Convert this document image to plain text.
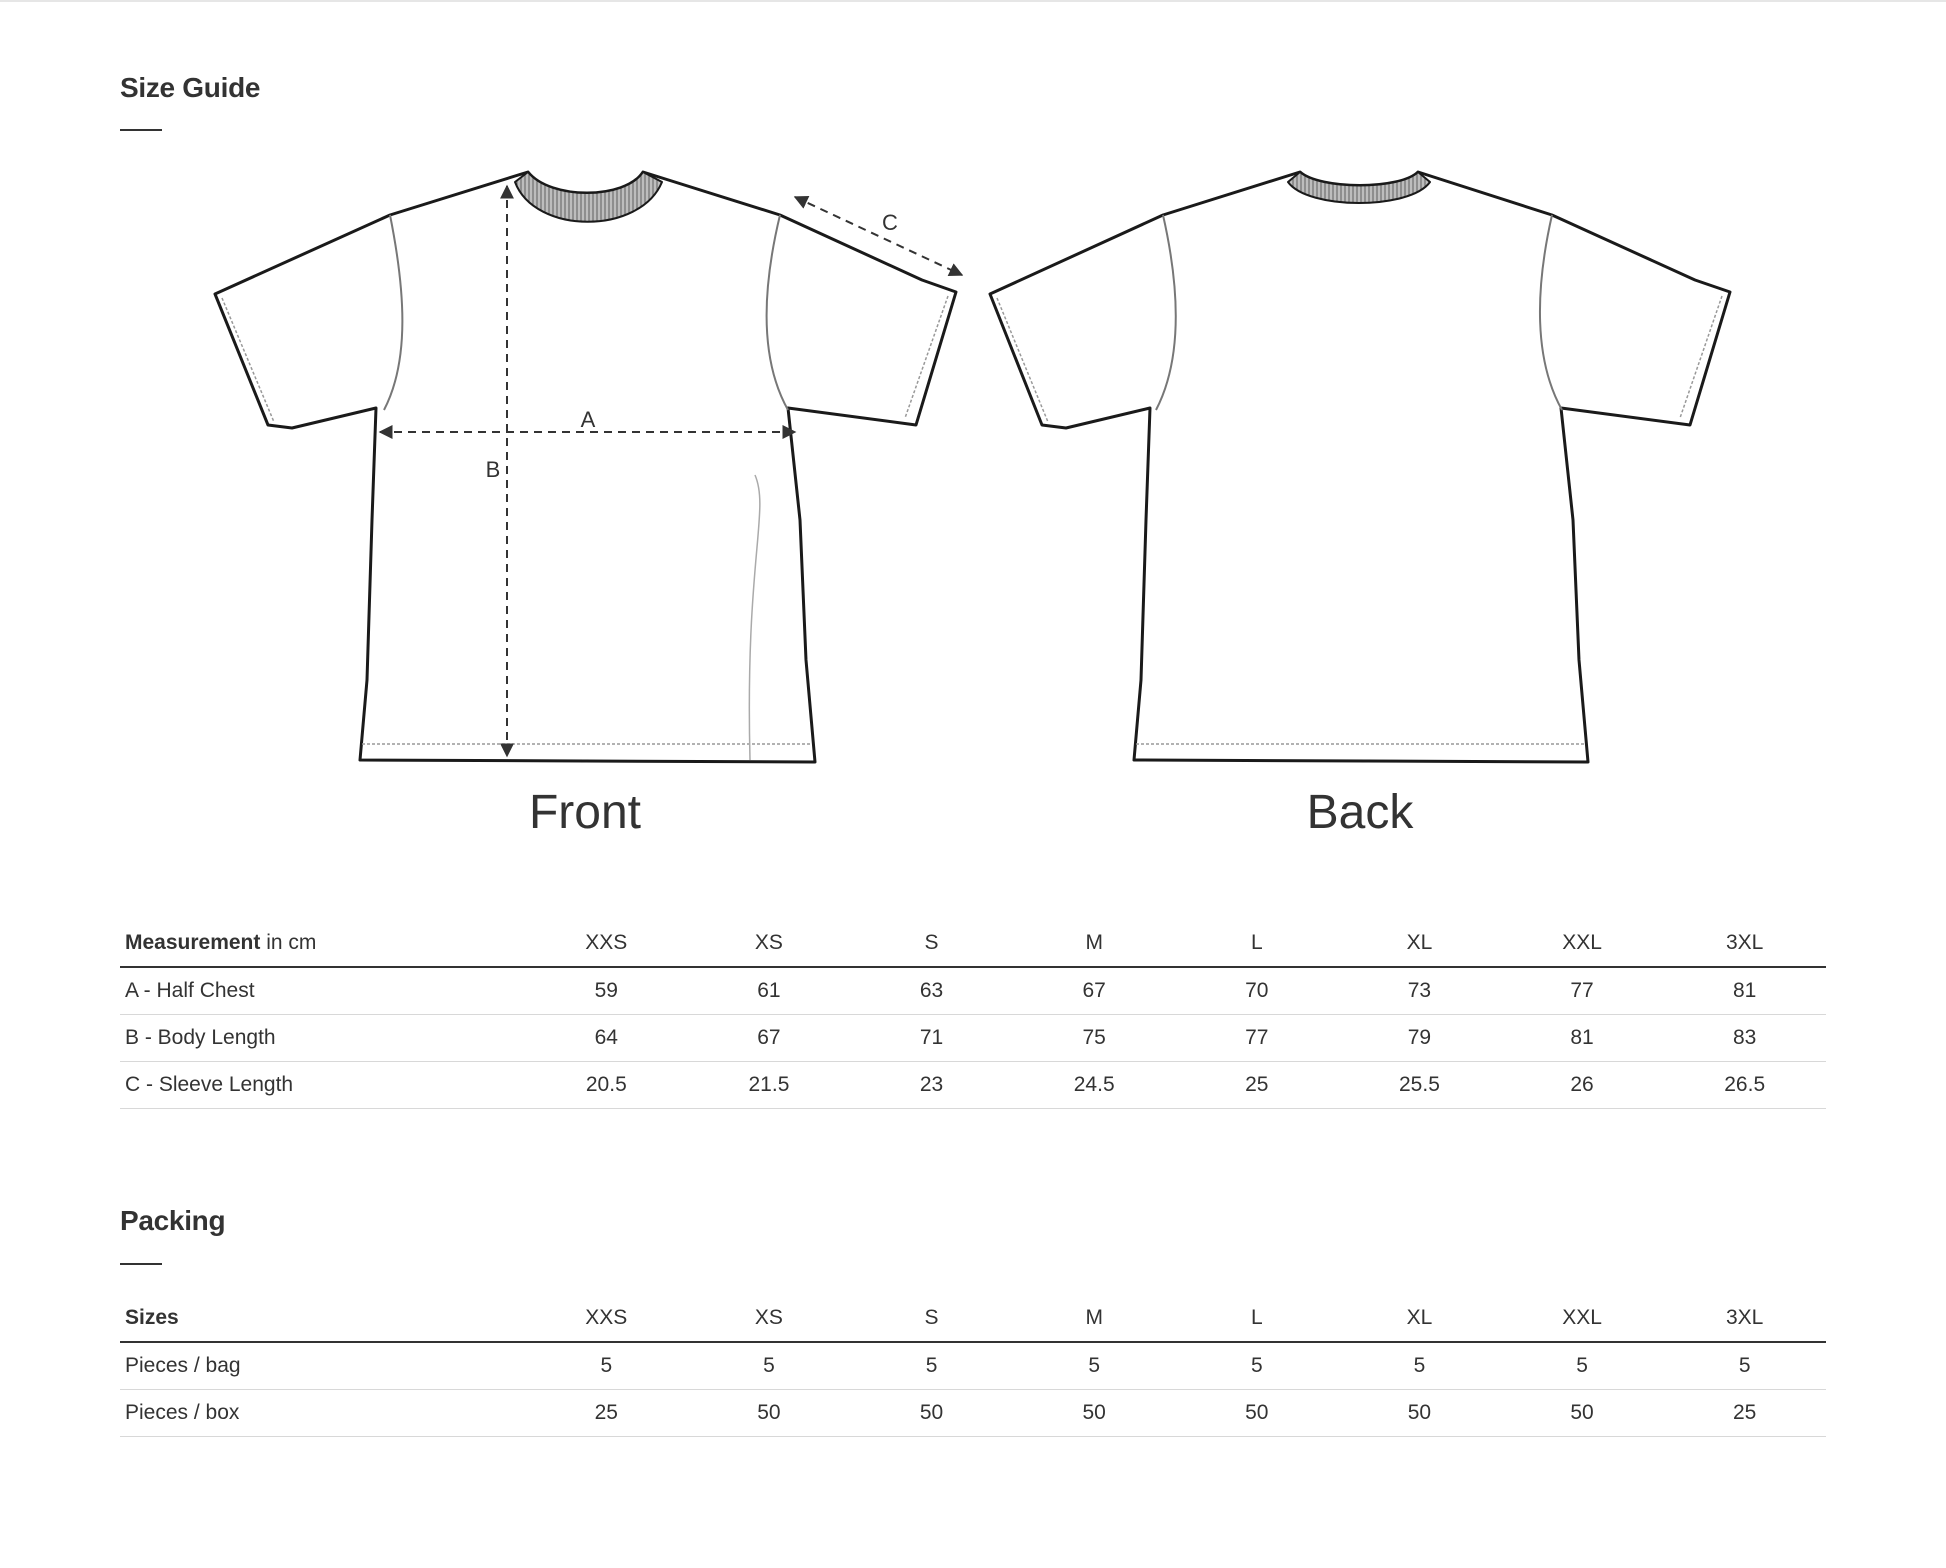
Size Guide
A
B
C
Front	Back
Measurement in cm	XXS	XS	S	M	L	XL	XXL	3XL
A - Half Chest	59	61	63	67	70	73	77	81
B - Body Length	64	67	71	75	77	79	81	83
C - Sleeve Length	20.5	21.5	23	24.5	25	25.5	26	26.5
Packing
Sizes	XXS	XS	S	M	L	XL	XXL	3XL
Pieces / bag	5	5	5	5	5	5	5	5
Pieces / box	25	50	50	50	50	50	50	25
